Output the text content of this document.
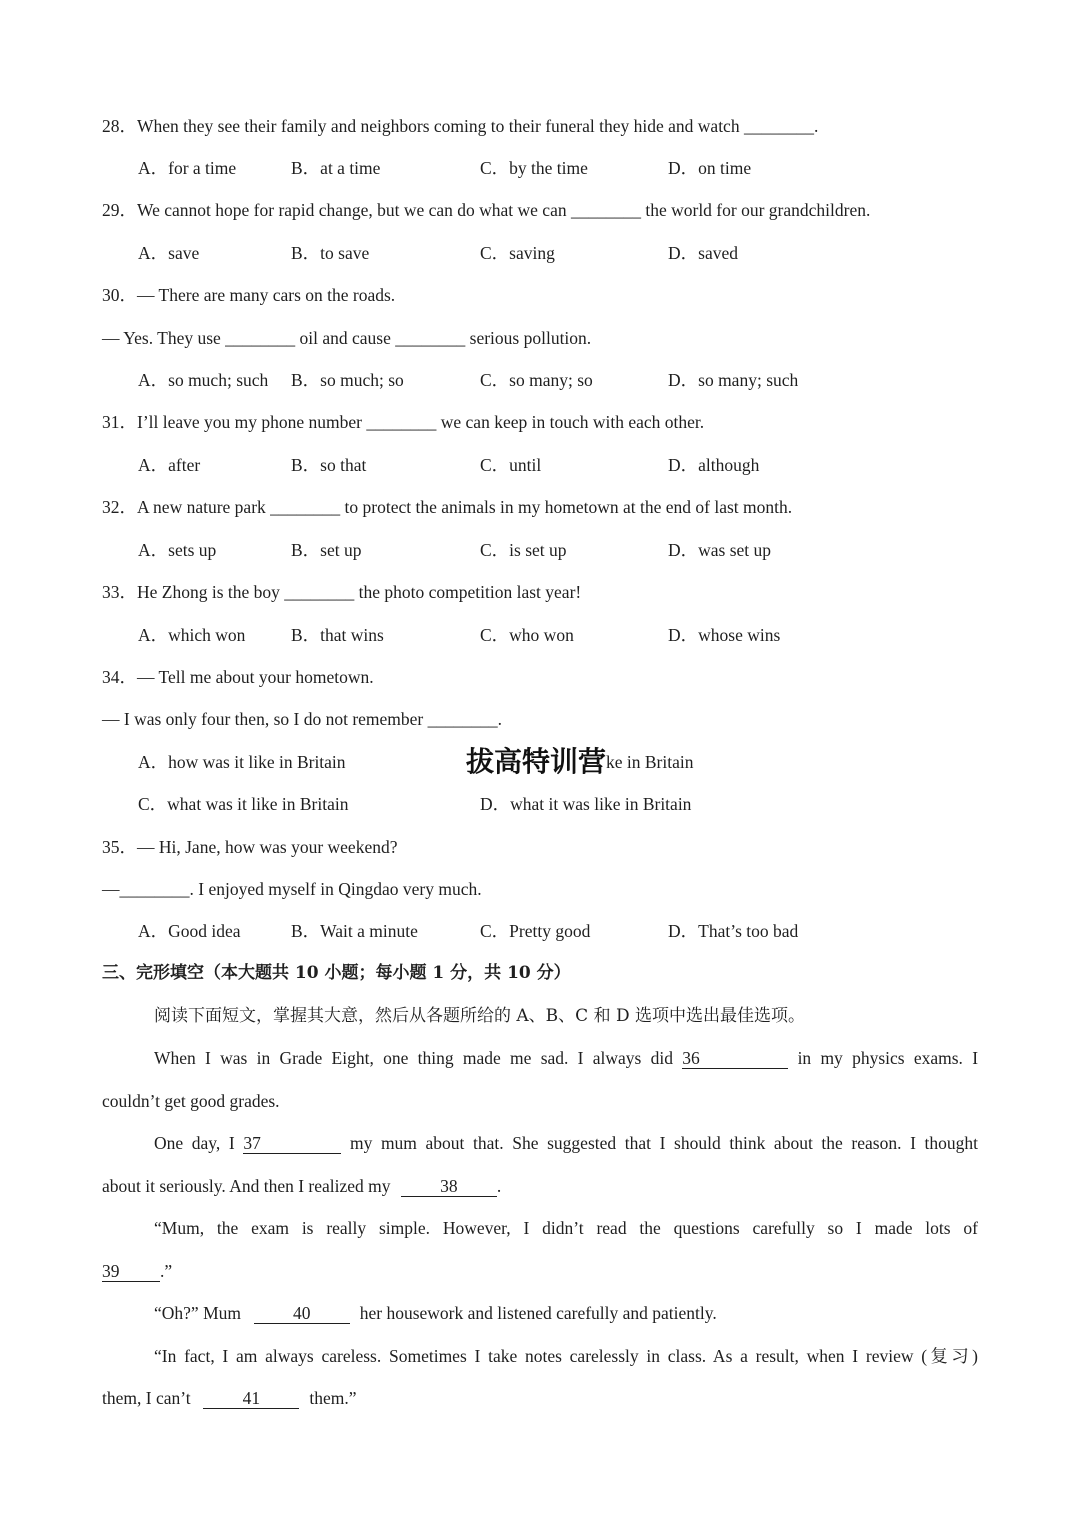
28．When they see their family and neighbors coming to their funeral they hide and watch ________.
A．for a time	B．at a time	C．by the time	D．on time
29．We cannot hope for rapid change, but we can do what we can ________ the world for our grandchildren.
A．save	B．to save	C．saving	D．saved
30．— There are many cars on the roads.
— Yes. They use ________ oil and cause ________ serious pollution.
A．so much; such B．so much; so	C．so many; so	D．so many; such
31．I’ll leave you my phone number ________ we can keep in touch with each other.
A．after	B．so that	C．until	D．although
32．A new nature park ________ to protect the animals in my hometown at the end of last month.
A．sets up	B．set up	C．is set up	D．was set up
33．He Zhong is the boy ________ the photo competition last year!
A．which won	B．that wins	C．who won	D．whose wins
34．— Tell me about your hometown.
— I was only four then, so I do not remember ________.
A．how was it like in Britain	ke in Britain
C．what was it like in Britain	D．what it was like in Britain
拔高特训营
35．— Hi, Jane, how was your weekend?
—________. I enjoyed myself in Qingdao very much.
A．Good idea	B．Wait a minute	C．Pretty good	D．That’s too bad
三、完形填空（本大题共 10 小题；每小题 1 分，共 10 分）
阅读下面短文，掌握其大意，然后从各题所给的 A、B、C 和 D 选项中选出最佳选项。
When I was in Grade Eight, one thing made me sad. I always did 36	in my physics exams. I
couldn’t get good grades.
One day, I 37	my mum about that. She suggested that I should think about the reason. I thought
about it seriously. And then I realized my	38 .
“Mum, the exam is really simple. However, I didn’t read the questions carefully so I made lots of
39 .”
“Oh?” Mum	40	her housework and listened carefully and patiently.
“In fact, I am always careless. Sometimes I take notes carelessly in class. As a result, when I review (复习)
them, I can’t	41	them.”
